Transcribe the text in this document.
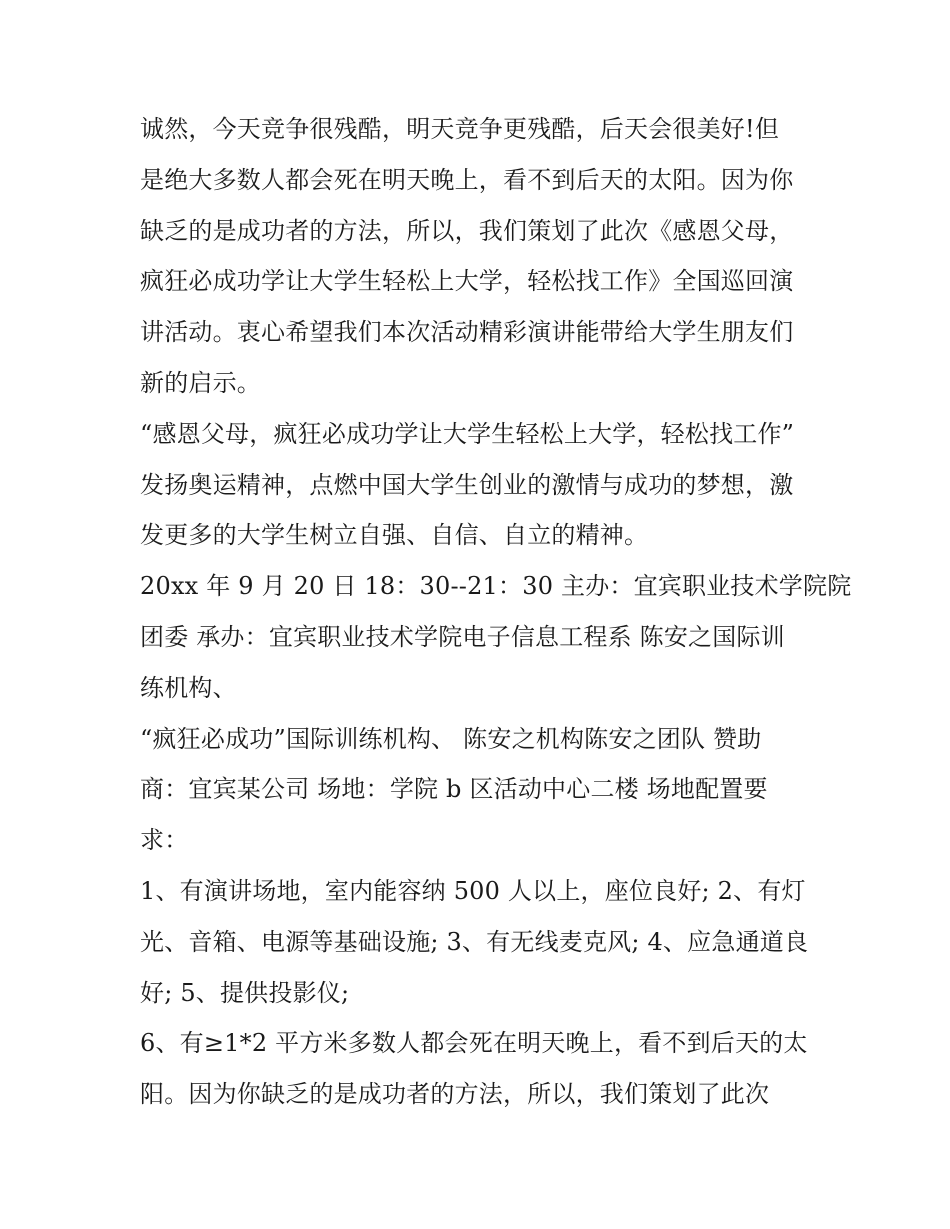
诚然，今天竞争很残酷，明天竞争更残酷，后天会很美好!但
是绝大多数人都会死在明天晚上，看不到后天的太阳。因为你
缺乏的是成功者的方法，所以，我们策划了此次《感恩父母，
疯狂必成功学让大学生轻松上大学，轻松找工作》全国巡回演
讲活动。衷心希望我们本次活动精彩演讲能带给大学生朋友们
新的启示。
“感恩父母，疯狂必成功学让大学生轻松上大学，轻松找工作”
发扬奥运精神，点燃中国大学生创业的激情与成功的梦想，激
发更多的大学生树立自强、自信、自立的精神。
20xx 年 9 月 20 日 18：30--21：30 主办：宜宾职业技术学院院
团委 承办：宜宾职业技术学院电子信息工程系 陈安之国际训
练机构、
“疯狂必成功”国际训练机构、 陈安之机构陈安之团队 赞助
商：宜宾某公司 场地：学院 b 区活动中心二楼 场地配置要
求：
1、有演讲场地，室内能容纳 500 人以上，座位良好; 2、有灯
光、音箱、电源等基础设施; 3、有无线麦克风; 4、应急通道良
好; 5、提供投影仪;
6、有≥1*2 平方米多数人都会死在明天晚上，看不到后天的太
阳。因为你缺乏的是成功者的方法，所以，我们策划了此次
